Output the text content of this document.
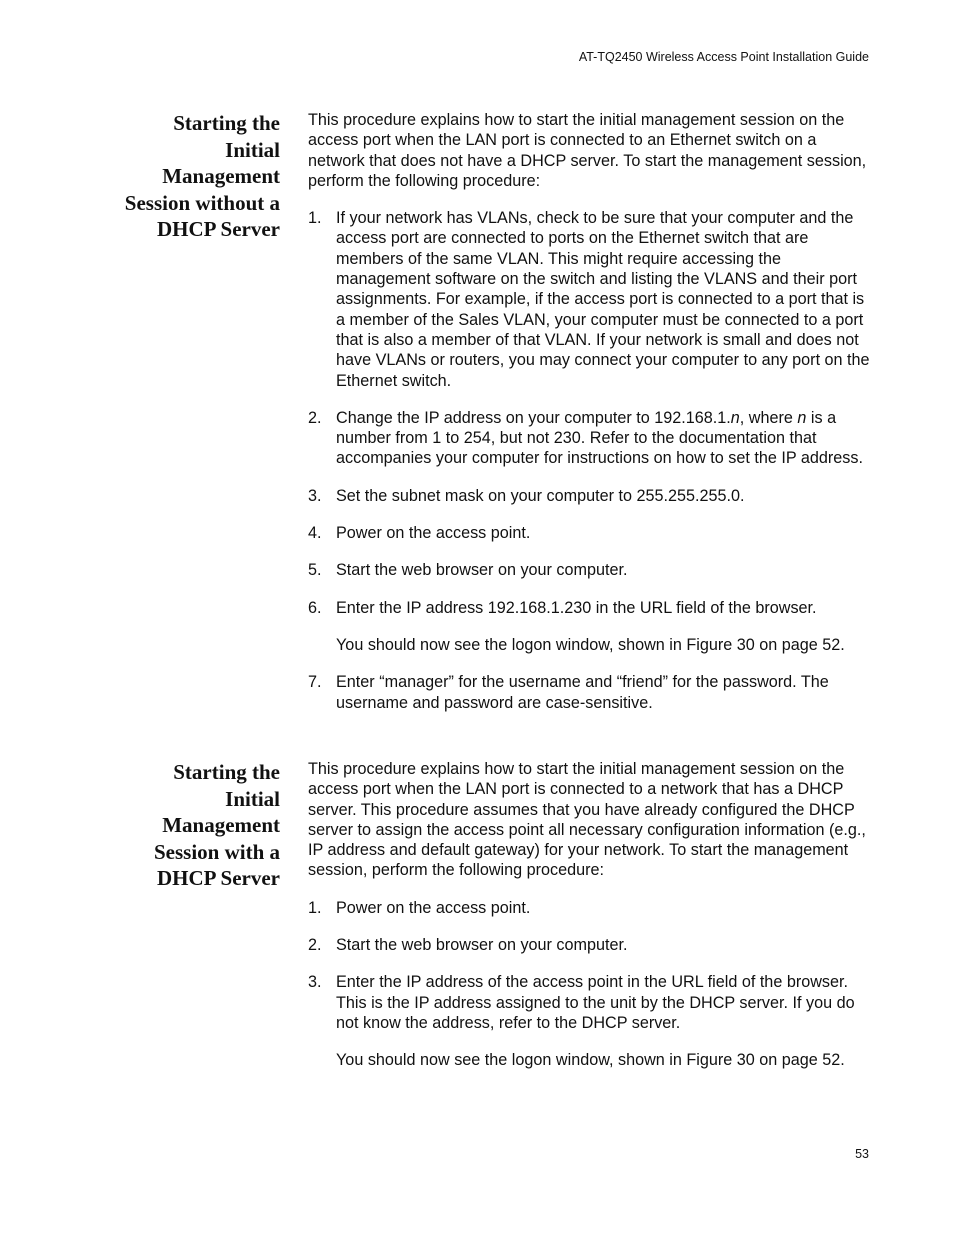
AT-TQ2450 Wireless Access Point Installation Guide
Starting the
Initial
Management
Session without a
DHCP Server

This procedure explains how to start the initial management session on the access port when the LAN port is connected to an Ethernet switch on a network that does not have a DHCP server. To start the management session, perform the following procedure:

1. If your network has VLANs, check to be sure that your computer and the access port are connected to ports on the Ethernet switch that are members of the same VLAN. This might require accessing the management software on the switch and listing the VLANS and their port assignments. For example, if the access port is connected to a port that is a member of the Sales VLAN, your computer must be connected to a port that is also a member of that VLAN. If your network is small and does not have VLANs or routers, you may connect your computer to any port on the Ethernet switch.
2. Change the IP address on your computer to 192.168.1.n, where n is a number from 1 to 254, but not 230. Refer to the documentation that accompanies your computer for instructions on how to set the IP address.
3. Set the subnet mask on your computer to 255.255.255.0.
4. Power on the access point.
5. Start the web browser on your computer.
6. Enter the IP address 192.168.1.230 in the URL field of the browser.

You should now see the logon window, shown in Figure 30 on page 52.

7. Enter “manager” for the username and “friend” for the password. The username and password are case-sensitive.
Starting the
Initial
Management
Session with a
DHCP Server

This procedure explains how to start the initial management session on the access port when the LAN port is connected to a network that has a DHCP server. This procedure assumes that you have already configured the DHCP server to assign the access point all necessary configuration information (e.g., IP address and default gateway) for your network. To start the management session, perform the following procedure:

1. Power on the access point.
2. Start the web browser on your computer.
3. Enter the IP address of the access point in the URL field of the browser. This is the IP address assigned to the unit by the DHCP server. If you do not know the address, refer to the DHCP server.

You should now see the logon window, shown in Figure 30 on page 52.

53
